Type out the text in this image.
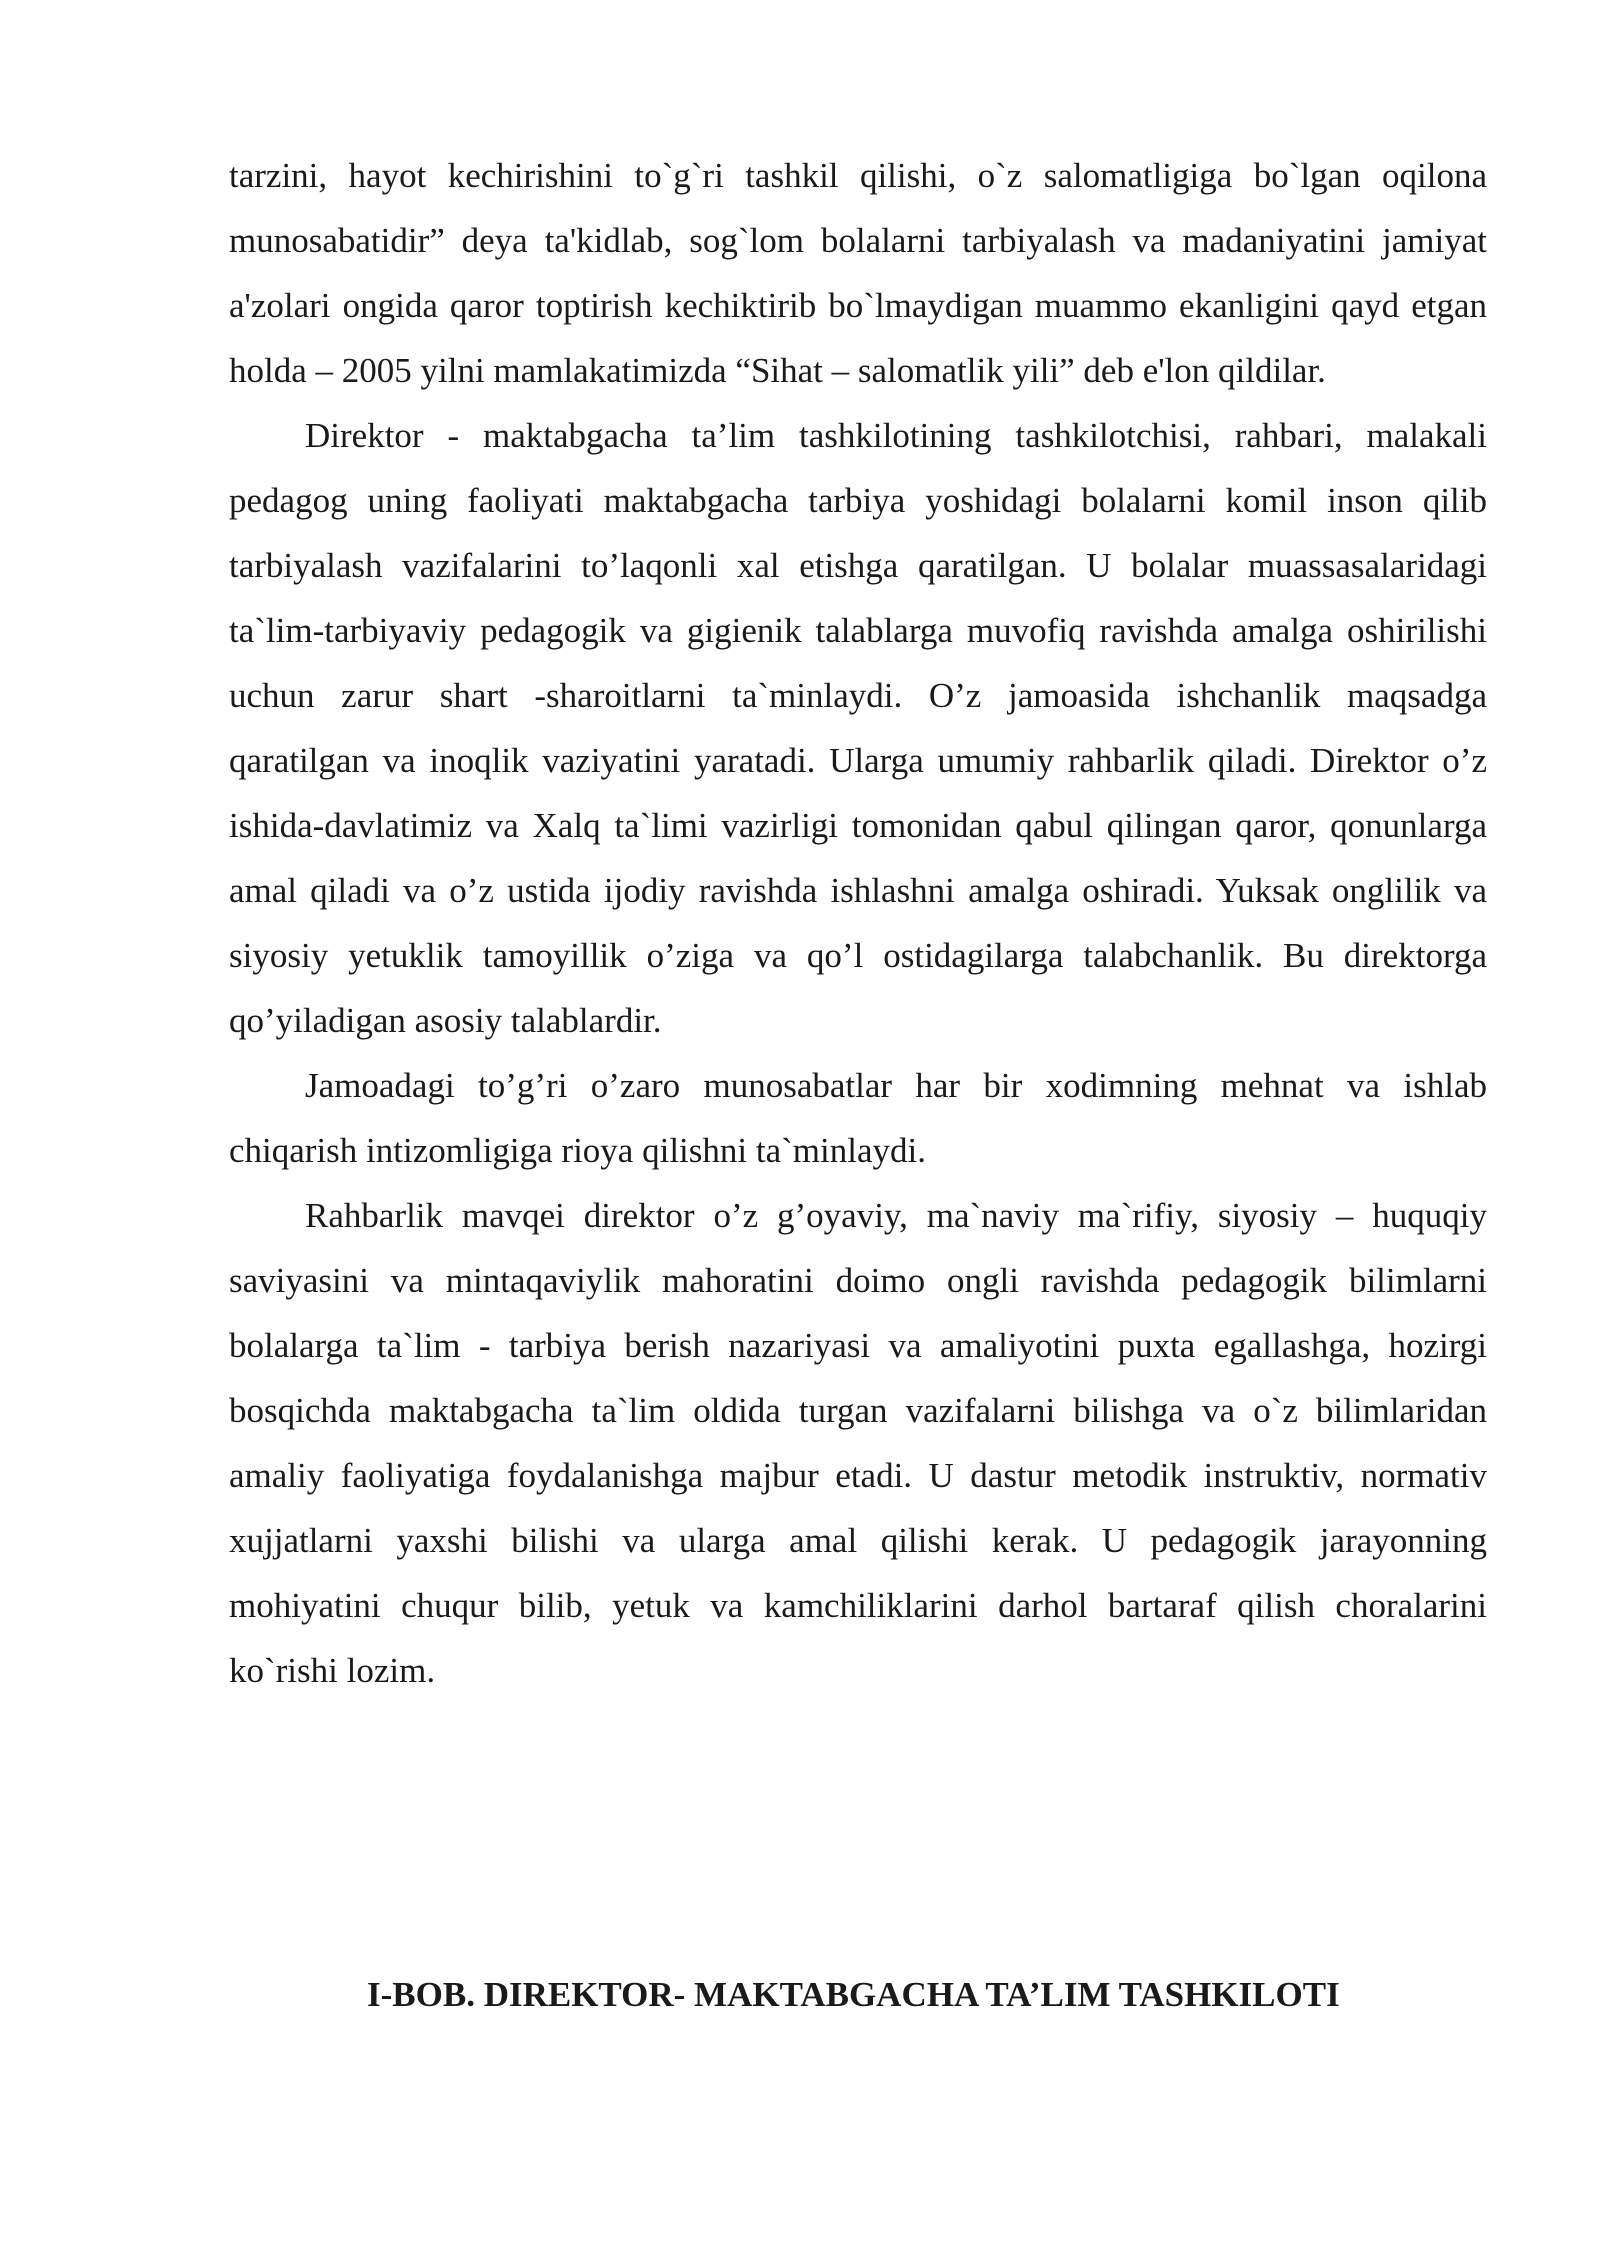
tarzini, hayot kechirishini to`g`ri tashkil qilishi, o`z salomatligiga bo`lgan oqilona munosabatidir” deya ta'kidlab, sog`lom bolalarni tarbiyalash va madaniyatini jamiyat a'zolari ongida qaror toptirish kechiktirib bo`lmaydigan muammo ekanligini qayd etgan holda – 2005 yilni mamlakatimizda “Sihat – salomatlik yili” deb e'lon qildilar.

Direktor - maktabgacha ta’lim tashkilotining tashkilotchisi, rahbari, malakali pedagog uning faoliyati maktabgacha tarbiya yoshidagi bolalarni komil inson qilib tarbiyalash vazifalarini to’laqonli xal etishga qaratilgan. U bolalar muassasalaridagi ta`lim-tarbiyaviy pedagogik va gigienik talablarga muvofiq ravishda amalga oshirilishi uchun zarur shart -sharoitlarni ta`minlaydi. O’z jamoasida ishchanlik maqsadga qaratilgan va inoqlik vaziyatini yaratadi. Ularga umumiy rahbarlik qiladi. Direktor o’z ishida-davlatimiz va Xalq ta`limi vazirligi tomonidan qabul qilingan qaror, qonunlarga amal qiladi va o’z ustida ijodiy ravishda ishlashni amalga oshiradi. Yuksak onglilik va siyosiy yetuklik tamoyillik o’ziga va qo’l ostidagilarga talabchanlik. Bu direktorga qo’yiladigan asosiy talablardir.

Jamoadagi to’g’ri o’zaro munosabatlar har bir xodimning mehnat va ishlab chiqarish intizomligiga rioya qilishni ta`minlaydi.

Rahbarlik mavqei direktor o’z g’oyaviy, ma`naviy ma`rifiy, siyosiy – huquqiy saviyasini va mintaqaviylik mahoratini doimo ongli ravishda pedagogik bilimlarni bolalarga ta`lim - tarbiya berish nazariyasi va amaliyotini puxta egallashga, hozirgi bosqichda maktabgacha ta`lim oldida turgan vazifalarni bilishga va o`z bilimlaridan amaliy faoliyatiga foydalanishga majbur etadi. U dastur metodik instruktiv, normativ xujjatlarni yaxshi bilishi va ularga amal qilishi kerak. U pedagogik jarayonning mohiyatini chuqur bilib, yetuk va kamchiliklarini darhol bartaraf qilish choralarini ko`rishi lozim.

I-BOB. DIREKTOR- MAKTABGACHA TA’LIM TASHKILOTI
